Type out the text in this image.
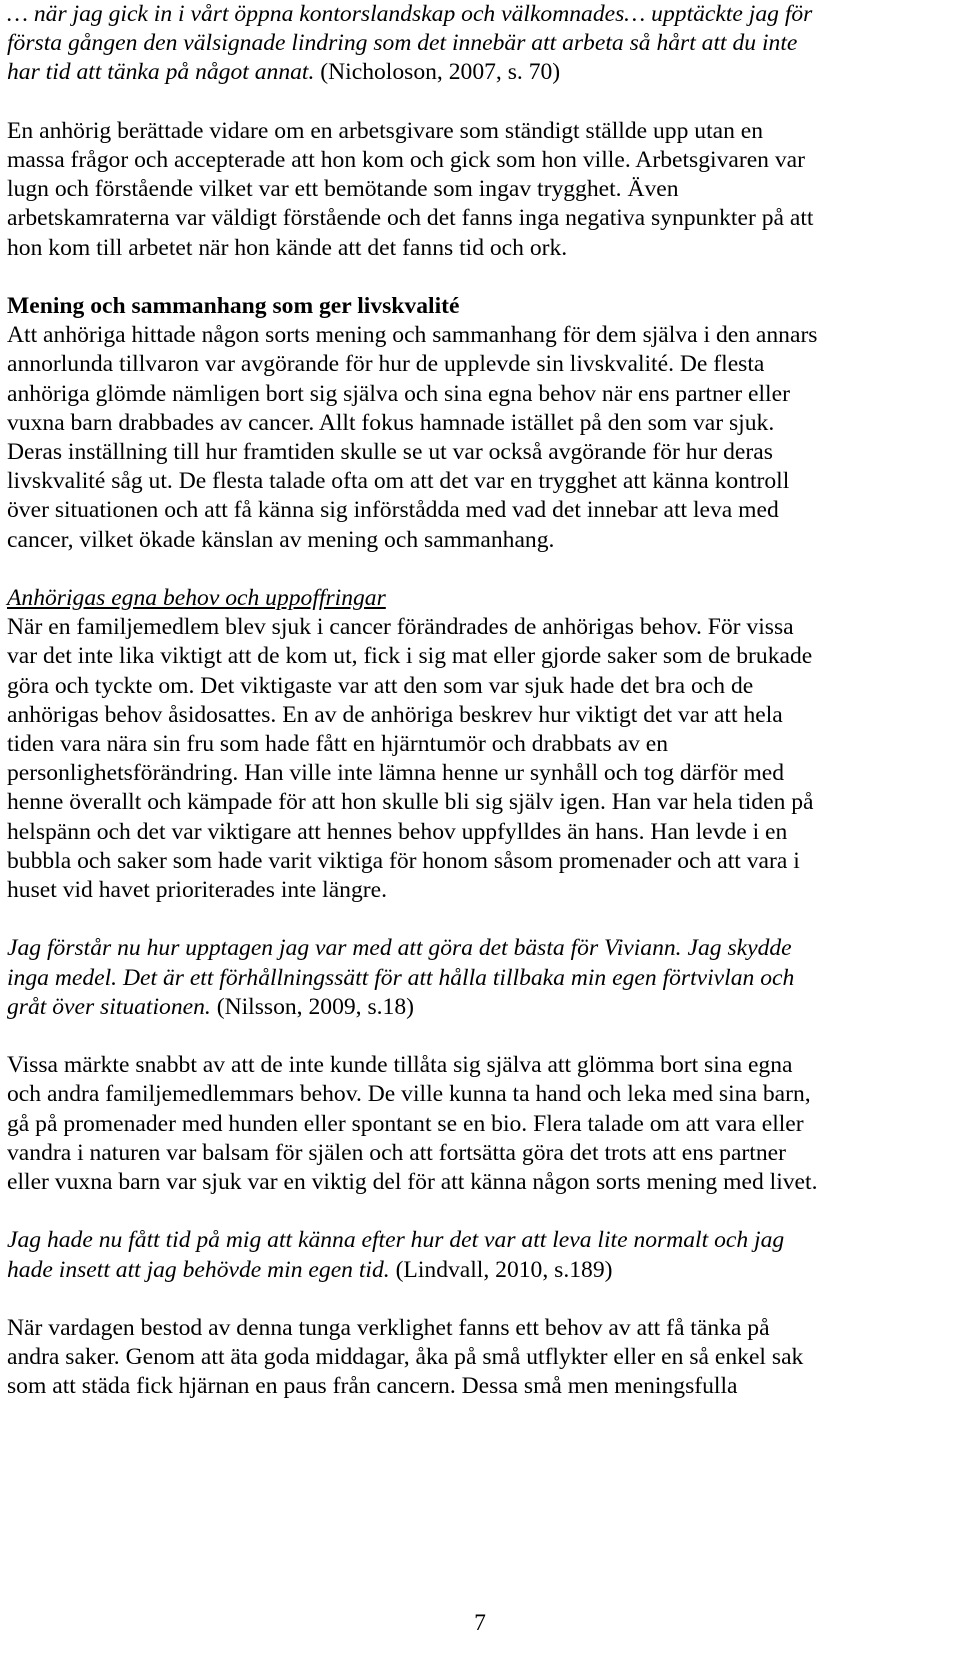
… när jag gick in i vårt öppna kontorslandskap och välkomnades… upptäckte jag för
första gången den välsignade lindring som det innebär att arbeta så hårt att du inte
har tid att tänka på något annat. (Nicholoson, 2007, s. 70)
En anhörig berättade vidare om en arbetsgivare som ständigt ställde upp utan en
massa frågor och accepterade att hon kom och gick som hon ville. Arbetsgivaren var
lugn och förstående vilket var ett bemötande som ingav trygghet. Även
arbetskamraterna var väldigt förstående och det fanns inga negativa synpunkter på att
hon kom till arbetet när hon kände att det fanns tid och ork.
Mening och sammanhang som ger livskvalité
Att anhöriga hittade någon sorts mening och sammanhang för dem själva i den annars
annorlunda tillvaron var avgörande för hur de upplevde sin livskvalité. De flesta
anhöriga glömde nämligen bort sig själva och sina egna behov när ens partner eller
vuxna barn drabbades av cancer. Allt fokus hamnade istället på den som var sjuk.
Deras inställning till hur framtiden skulle se ut var också avgörande för hur deras
livskvalité såg ut. De flesta talade ofta om att det var en trygghet att känna kontroll
över situationen och att få känna sig införstådda med vad det innebar att leva med
cancer, vilket ökade känslan av mening och sammanhang.
Anhörigas egna behov och uppoffringar
När en familjemedlem blev sjuk i cancer förändrades de anhörigas behov. För vissa
var det inte lika viktigt att de kom ut, fick i sig mat eller gjorde saker som de brukade
göra och tyckte om. Det viktigaste var att den som var sjuk hade det bra och de
anhörigas behov åsidosattes. En av de anhöriga beskrev hur viktigt det var att hela
tiden vara nära sin fru som hade fått en hjärntumör och drabbats av en
personlighetsförändring. Han ville inte lämna henne ur synhåll och tog därför med
henne överallt och kämpade för att hon skulle bli sig själv igen. Han var hela tiden på
helspänn och det var viktigare att hennes behov uppfylldes än hans. Han levde i en
bubbla och saker som hade varit viktiga för honom såsom promenader och att vara i
huset vid havet prioriterades inte längre.
Jag förstår nu hur upptagen jag var med att göra det bästa för Viviann. Jag skydde
inga medel. Det är ett förhållningssätt för att hålla tillbaka min egen förtvivlan och
gråt över situationen. (Nilsson, 2009, s.18)
Vissa märkte snabbt av att de inte kunde tillåta sig själva att glömma bort sina egna
och andra familjemedlemmars behov. De ville kunna ta hand och leka med sina barn,
gå på promenader med hunden eller spontant se en bio. Flera talade om att vara eller
vandra i naturen var balsam för själen och att fortsätta göra det trots att ens partner
eller vuxna barn var sjuk var en viktig del för att känna någon sorts mening med livet.
Jag hade nu fått tid på mig att känna efter hur det var att leva lite normalt och jag
hade insett att jag behövde min egen tid. (Lindvall, 2010, s.189)
När vardagen bestod av denna tunga verklighet fanns ett behov av att få tänka på
andra saker. Genom att äta goda middagar, åka på små utflykter eller en så enkel sak
som att städa fick hjärnan en paus från cancern. Dessa små men meningsfulla
7
